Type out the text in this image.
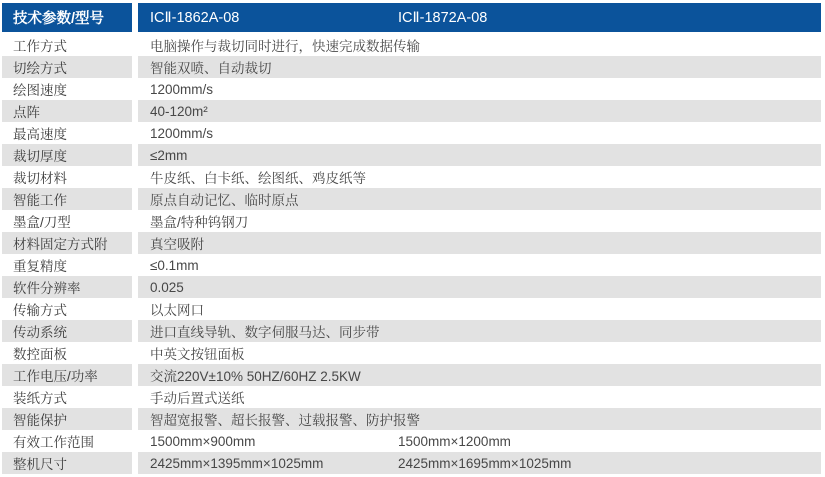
技术参数/型号	ICⅡ-1862A-08	ICⅡ-1872A-08
工作方式	电脑操作与裁切同时进行，快速完成数据传输
切绘方式	智能双喷、自动裁切
绘图速度	1200mm/s
点阵	40-120m²
最高速度	1200mm/s
裁切厚度	≤2mm
裁切材料	牛皮纸、白卡纸、绘图纸、鸡皮纸等
智能工作	原点自动记忆、临时原点
墨盒/刀型	墨盒/特种钨钢刀
材料固定方式附	真空吸附
重复精度	≤0.1mm
软件分辨率	0.025
传输方式	以太网口
传动系统	进口直线导轨、数字伺服马达、同步带
数控面板	中英文按钮面板
工作电压/功率	交流220V±10% 50HZ/60HZ 2.5KW
装纸方式	手动后置式送纸
智能保护	智超宽报警、超长报警、过载报警、防护报警
有效工作范围	1500mm×900mm	1500mm×1200mm
整机尺寸	2425mm×1395mm×1025mm	2425mm×1695mm×1025mm
